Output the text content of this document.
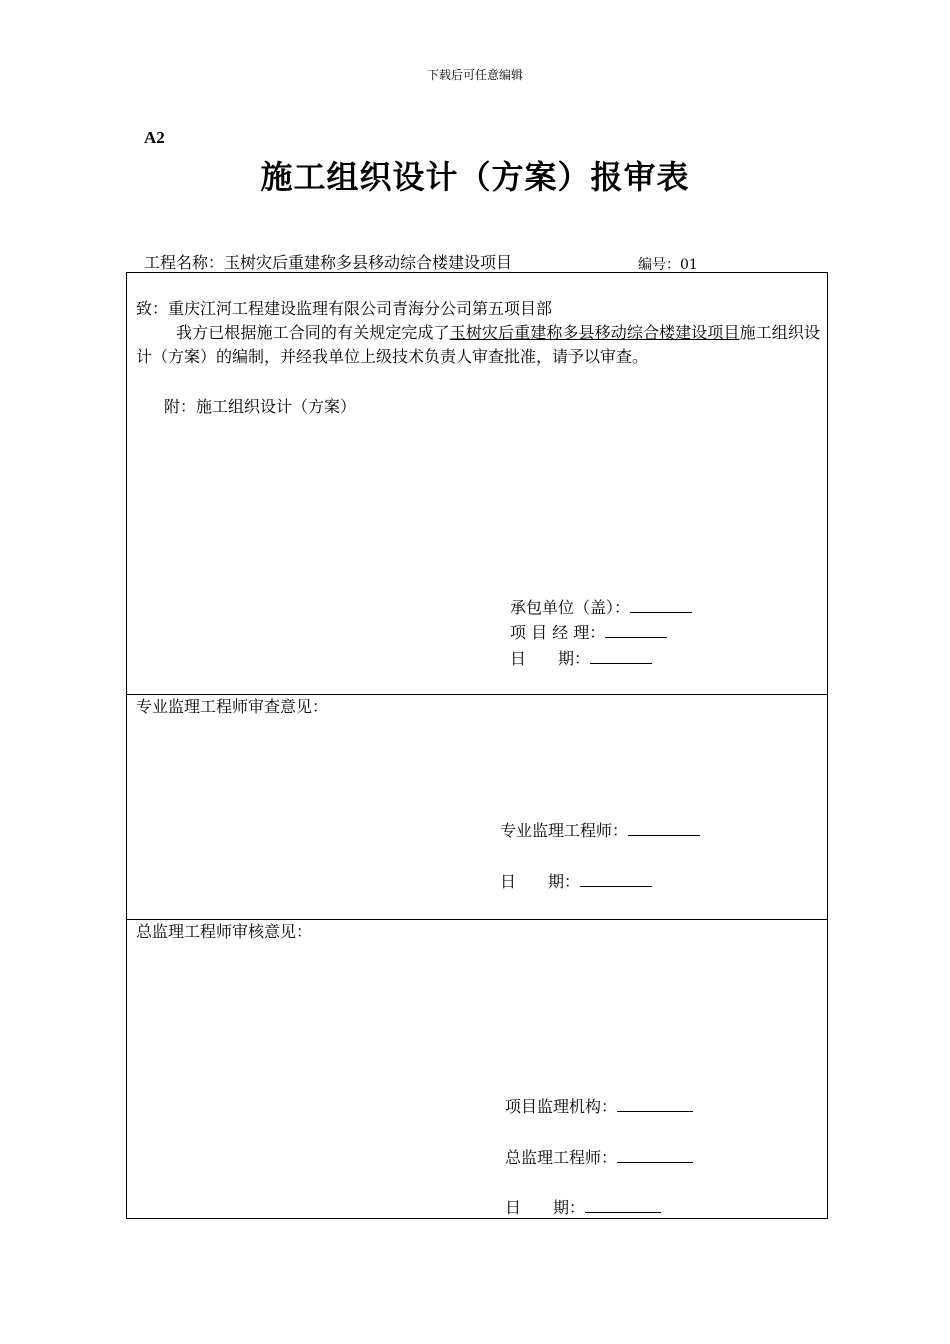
下载后可任意编辑
A2
施工组织设计（方案）报审表
工程名称：玉树灾后重建称多县移动综合楼建设项目	编号：01
致：重庆江河工程建设监理有限公司青海分公司第五项目部
我方已根据施工合同的有关规定完成了玉树灾后重建称多县移动综合楼建设项目施工组织设计（方案）的编制，并经我单位上级技术负责人审查批准，请予以审查。
附：施工组织设计（方案）
承包单位（盖）：
项 目 经 理：
日　　期：
专业监理工程师审查意见：
专业监理工程师：
日　　期：
总监理工程师审核意见：
项目监理机构：
总监理工程师：
日　　期：
